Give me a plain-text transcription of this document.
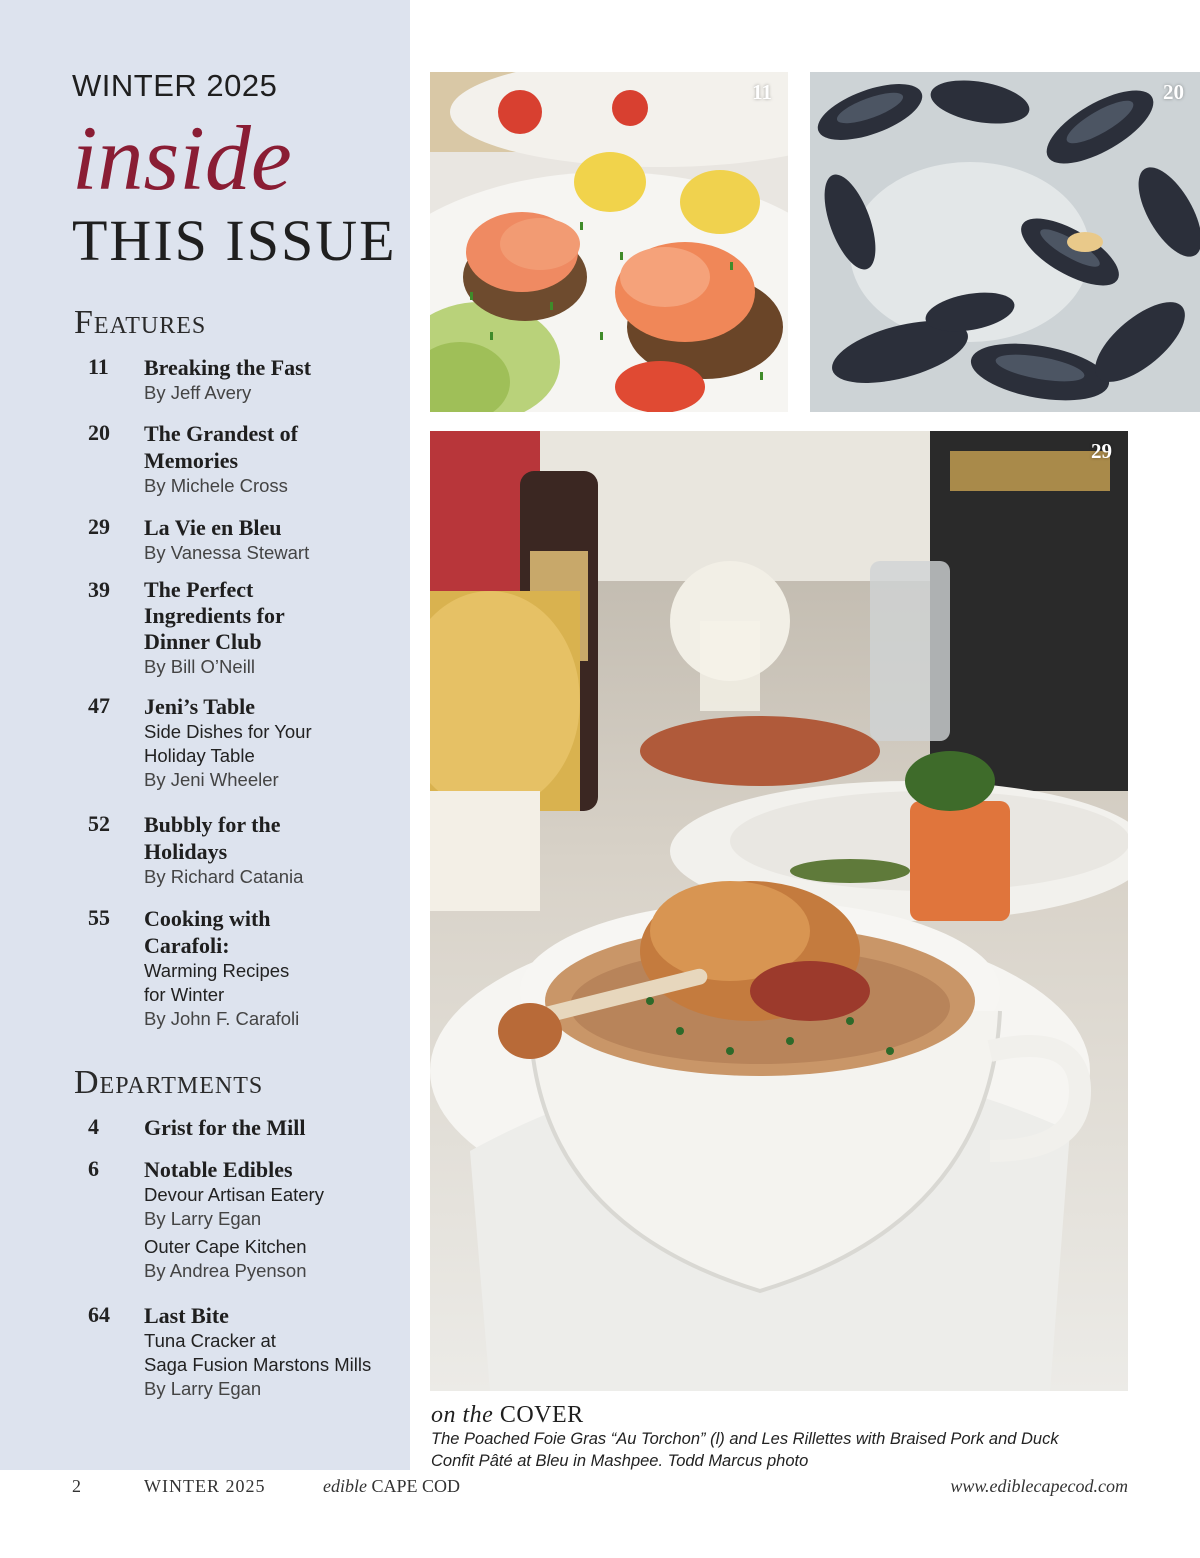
WINTER 2025
inside
THIS ISSUE
Features
11	Breaking the Fast
By Jeff Avery
20	The Grandest of
Memories
By Michele Cross
29	La Vie en Bleu
By Vanessa Stewart
39	The Perfect
Ingredients for
Dinner Club
By Bill O’Neill
47	Jeni’s Table
Side Dishes for Your
Holiday Table
By Jeni Wheeler
52	Bubbly for the
Holidays
By Richard Catania
55	Cooking with
Carafoli:
Warming Recipes
for Winter
By John F. Carafoli
Departments
4	Grist for the Mill
6	Notable Edibles
Devour Artisan Eatery
By Larry Egan
Outer Cape Kitchen
By Andrea Pyenson
64	Last Bite
Tuna Cracker at
Saga Fusion Marstons Mills
By Larry Egan
11	20
29
on the COVER
The Poached Foie Gras “Au Torchon” (l) and Les Rillettes with Braised Pork and Duck
Confit Pâté at Bleu in Mashpee. Todd Marcus photo
2	WINTER 2025	edible CAPE COD	www.ediblecapecod.com
